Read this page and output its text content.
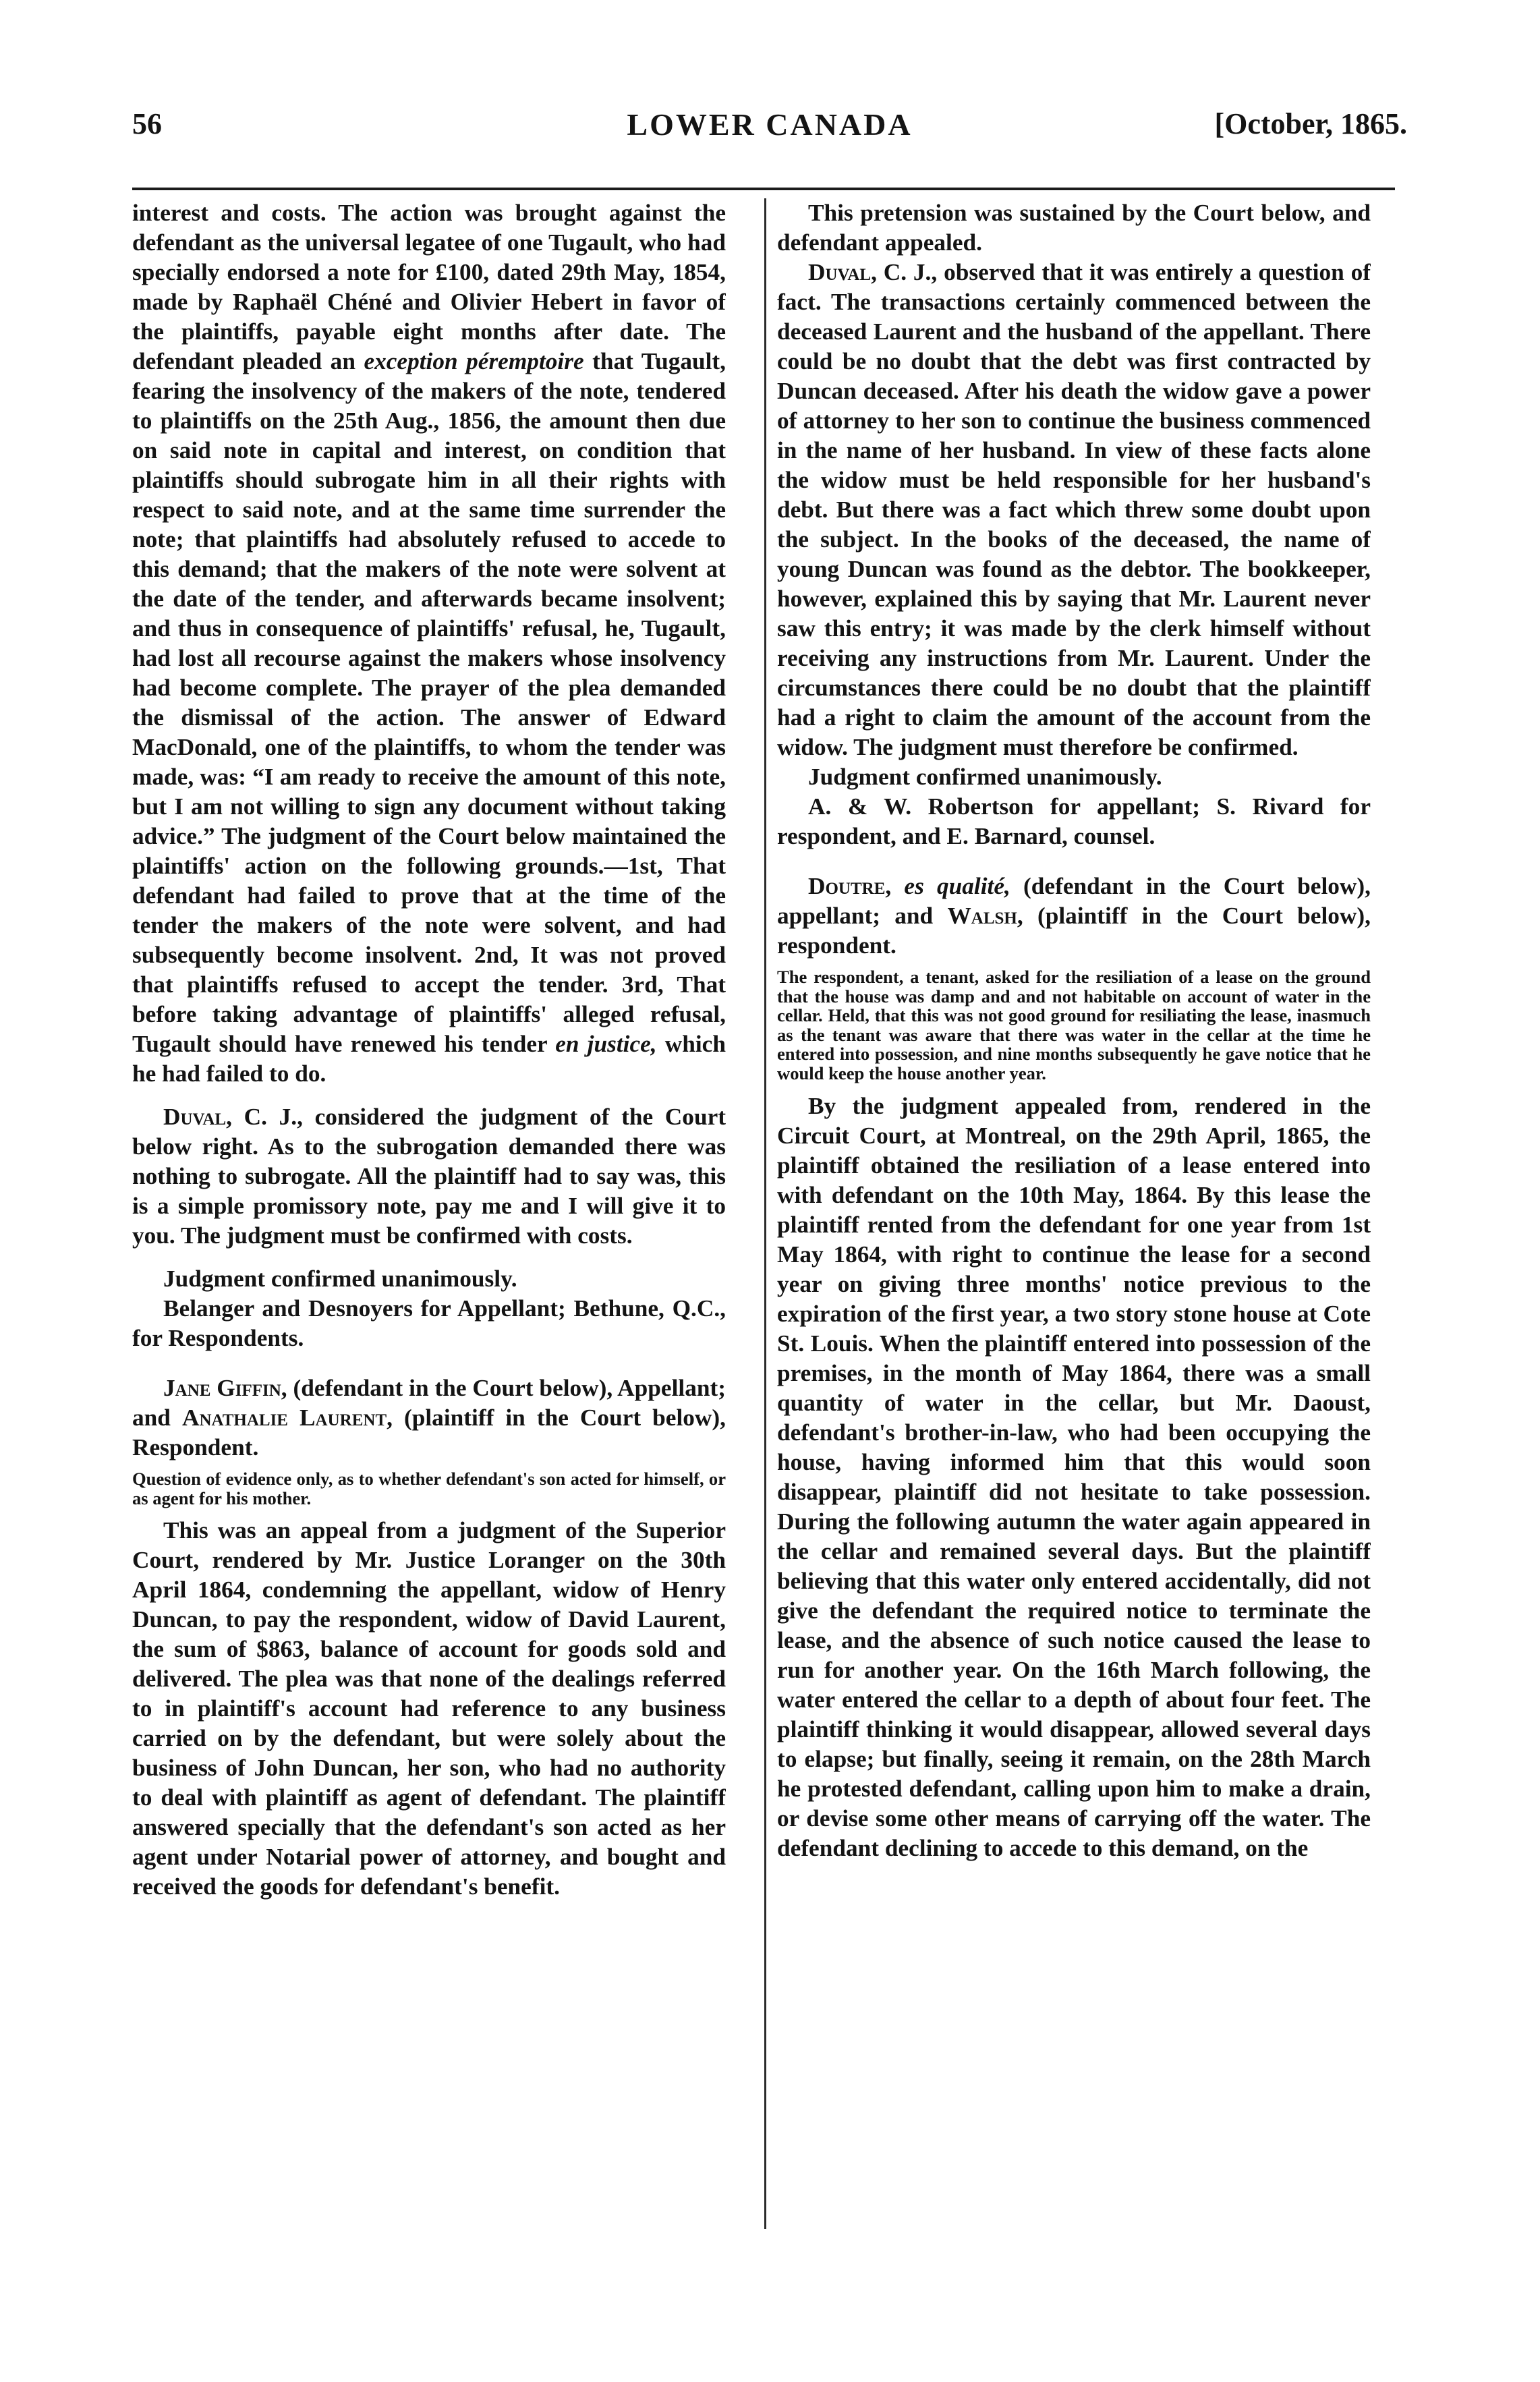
56	LOWER CANADA	[October, 1865.

interest and costs. The action was brought against the defendant as the universal legatee of one Tugault, who had specially endorsed a note for £100, dated 29th May, 1854, made by Raphaël Chéné and Olivier Hebert in favor of the plaintiffs, payable eight months after date. The defendant pleaded an exception péremptoire that Tugault, fearing the insolvency of the makers of the note, tendered to plaintiffs on the 25th Aug., 1856, the amount then due on said note in capital and interest, on condition that plaintiffs should subrogate him in all their rights with respect to said note, and at the same time surrender the note; that plaintiffs had absolutely refused to accede to this demand; that the makers of the note were solvent at the date of the tender, and afterwards became insolvent; and thus in consequence of plaintiffs' refusal, he, Tugault, had lost all recourse against the makers whose insolvency had become complete. The prayer of the plea demanded the dismissal of the action. The answer of Edward MacDonald, one of the plaintiffs, to whom the tender was made, was: “I am ready to receive the amount of this note, but I am not willing to sign any document without taking advice.” The judgment of the Court below maintained the plaintiffs' action on the following grounds.—1st, That defendant had failed to prove that at the time of the tender the makers of the note were solvent, and had subsequently become insolvent. 2nd, It was not proved that plaintiffs refused to accept the tender. 3rd, That before taking advantage of plaintiffs' alleged refusal, Tugault should have renewed his tender en justice, which he had failed to do.

Duval, C. J., considered the judgment of the Court below right. As to the subrogation demanded there was nothing to subrogate. All the plaintiff had to say was, this is a simple promissory note, pay me and I will give it to you. The judgment must be confirmed with costs.

Judgment confirmed unanimously.

Belanger and Desnoyers for Appellant; Bethune, Q.C., for Respondents.

Jane Giffin, (defendant in the Court below), Appellant; and Anathalie Laurent, (plaintiff in the Court below), Respondent.

Question of evidence only, as to whether defendant's son acted for himself, or as agent for his mother.

This was an appeal from a judgment of the Superior Court, rendered by Mr. Justice Loranger on the 30th April 1864, condemning the appellant, widow of Henry Duncan, to pay the respondent, widow of David Laurent, the sum of $863, balance of account for goods sold and delivered. The plea was that none of the dealings referred to in plaintiff's account had reference to any business carried on by the defendant, but were solely about the business of John Duncan, her son, who had no authority to deal with plaintiff as agent of defendant. The plaintiff answered specially that the defendant's son acted as her agent under Notarial power of attorney, and bought and received the goods for defendant's benefit.

This pretension was sustained by the Court below, and defendant appealed.

Duval, C. J., observed that it was entirely a question of fact. The transactions certainly commenced between the deceased Laurent and the husband of the appellant. There could be no doubt that the debt was first contracted by Duncan deceased. After his death the widow gave a power of attorney to her son to continue the business commenced in the name of her husband. In view of these facts alone the widow must be held responsible for her husband's debt. But there was a fact which threw some doubt upon the subject. In the books of the deceased, the name of young Duncan was found as the debtor. The bookkeeper, however, explained this by saying that Mr. Laurent never saw this entry; it was made by the clerk himself without receiving any instructions from Mr. Laurent. Under the circumstances there could be no doubt that the plaintiff had a right to claim the amount of the account from the widow. The judgment must therefore be confirmed.

Judgment confirmed unanimously.

A. & W. Robertson for appellant; S. Rivard for respondent, and E. Barnard, counsel.

Doutre, es qualité, (defendant in the Court below), appellant; and Walsh, (plaintiff in the Court below), respondent.

The respondent, a tenant, asked for the resiliation of a lease on the ground that the house was damp and and not habitable on account of water in the cellar. Held, that this was not good ground for resiliating the lease, inasmuch as the tenant was aware that there was water in the cellar at the time he entered into possession, and nine months subsequently he gave notice that he would keep the house another year.

By the judgment appealed from, rendered in the Circuit Court, at Montreal, on the 29th April, 1865, the plaintiff obtained the resiliation of a lease entered into with defendant on the 10th May, 1864. By this lease the plaintiff rented from the defendant for one year from 1st May 1864, with right to continue the lease for a second year on giving three months' notice previous to the expiration of the first year, a two story stone house at Cote St. Louis. When the plaintiff entered into possession of the premises, in the month of May 1864, there was a small quantity of water in the cellar, but Mr. Daoust, defendant's brother-in-law, who had been occupying the house, having informed him that this would soon disappear, plaintiff did not hesitate to take possession. During the following autumn the water again appeared in the cellar and remained several days. But the plaintiff believing that this water only entered accidentally, did not give the defendant the required notice to terminate the lease, and the absence of such notice caused the lease to run for another year. On the 16th March following, the water entered the cellar to a depth of about four feet. The plaintiff thinking it would disappear, allowed several days to elapse; but finally, seeing it remain, on the 28th March he protested defendant, calling upon him to make a drain, or devise some other means of carrying off the water. The defendant declining to accede to this demand, on the
